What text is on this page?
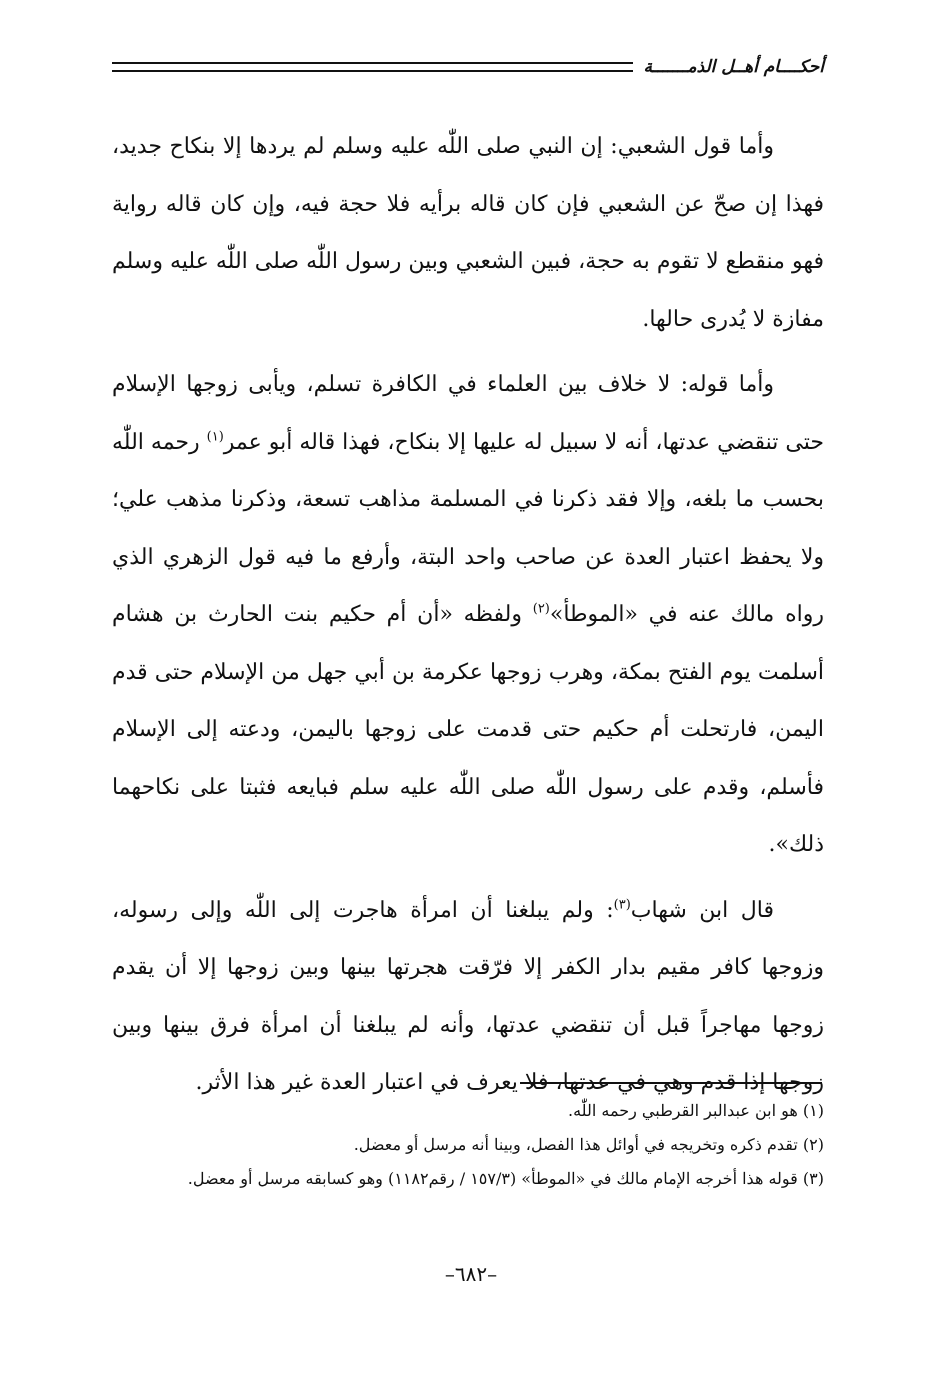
أحكــــام أهــل الذمـــــــة

وأما قول الشعبي: إن النبي صلى اللّٰه عليه وسلم لم يردها إلا بنكاح جديد، فهذا إن صحّ عن الشعبي فإن كان قاله برأيه فلا حجة فيه، وإن كان قاله رواية فهو منقطع لا تقوم به حجة، فبين الشعبي وبين رسول اللّٰه صلى اللّٰه عليه وسلم مفازة لا يُدرى حالها.

وأما قوله: لا خلاف بين العلماء في الكافرة تسلم، ويأبى زوجها الإسلام حتى تنقضي عدتها، أنه لا سبيل له عليها إلا بنكاح، فهذا قاله أبو عمر$^{(١)}$ رحمه اللّٰه بحسب ما بلغه، وإلا فقد ذكرنا في المسلمة مذاهب تسعة، وذكرنا مذهب علي؛ ولا يحفظ اعتبار العدة عن صاحب واحد البتة، وأرفع ما فيه قول الزهري الذي رواه مالك عنه في «الموطأ»$^{(٢)}$ ولفظه «أن أم حكيم بنت الحارث بن هشام أسلمت يوم الفتح بمكة، وهرب زوجها عكرمة بن أبي جهل من الإسلام حتى قدم اليمن، فارتحلت أم حكيم حتى قدمت على زوجها باليمن، ودعته إلى الإسلام فأسلم، وقدم على رسول اللّٰه صلى اللّٰه عليه سلم فبايعه فثبتا على نكاحهما ذلك».

قال ابن شهاب$^{(٣)}$: ولم يبلغنا أن امرأة هاجرت إلى اللّٰه وإلى رسوله، وزوجها كافر مقيم بدار الكفر إلا فرّقت هجرتها بينها وبين زوجها إلا أن يقدم زوجها مهاجراً قبل أن تنقضي عدتها، وأنه لم يبلغنا أن امرأة فرق بينها وبين زوجها إذا قدم وهي في عدتها، فلا يعرف في اعتبار العدة غير هذا الأثر.

(١) هو ابن عبدالبر القرطبي رحمه اللّٰه.

(٢) تقدم ذكره وتخريجه في أوائل هذا الفصل، وبينا أنه مرسل أو معضل.

(٣) قوله هذا أخرجه الإمام مالك في «الموطأ» (١٥٧/٣ / رقم١١٨٢) وهو كسابقه مرسل أو معضل.

–٦٨٢–
